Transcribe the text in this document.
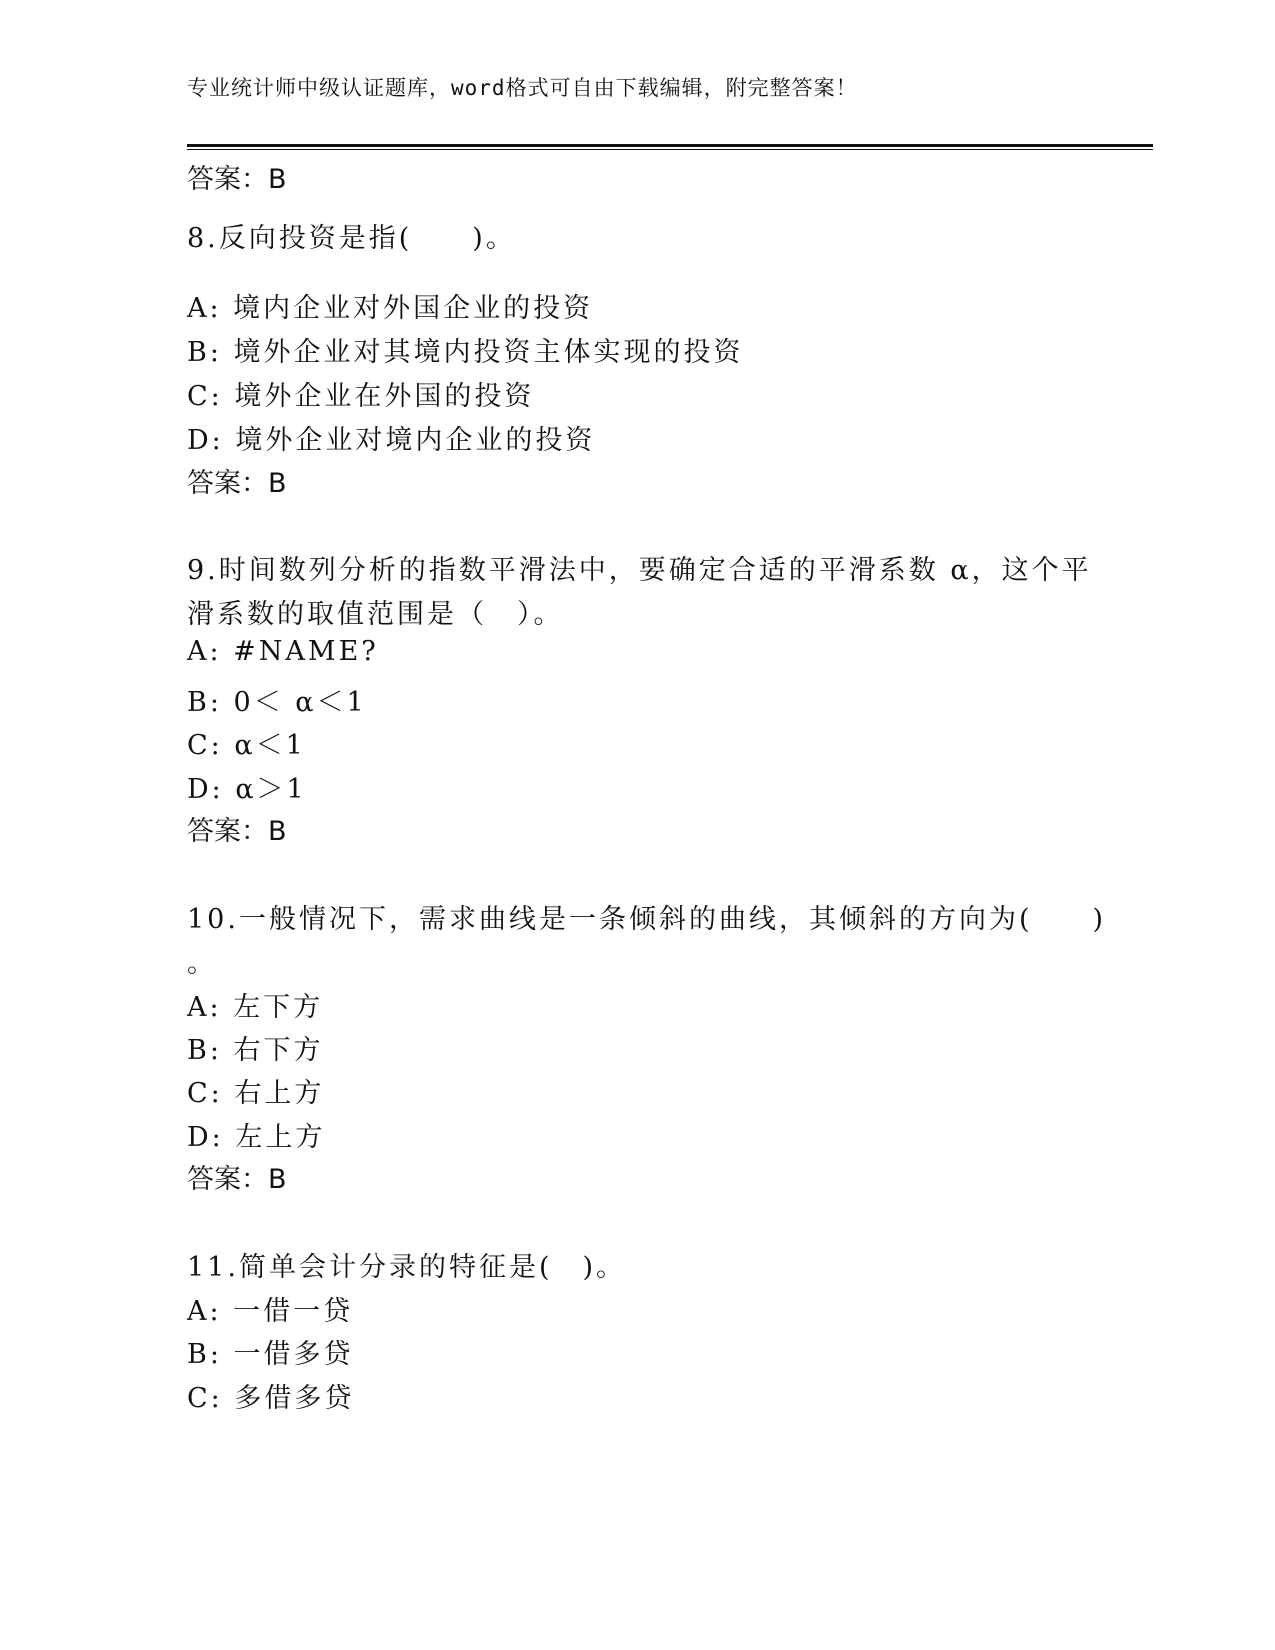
专业统计师中级认证题库，word格式可自由下载编辑，附完整答案！
答案：B
8.反向投资是指(　　)。
A: 境内企业对外国企业的投资
B: 境外企业对其境内投资主体实现的投资
C: 境外企业在外国的投资
D: 境外企业对境内企业的投资
答案：B
9.时间数列分析的指数平滑法中，要确定合适的平滑系数 α，这个平
滑系数的取值范围是（　）。
A: #NAME?
B: 0＜ α＜1
C: α＜1
D: α＞1
答案：B
10.一般情况下，需求曲线是一条倾斜的曲线，其倾斜的方向为(　　)
。
A: 左下方
B: 右下方
C: 右上方
D: 左上方
答案：B
11.简单会计分录的特征是(　)。
A: 一借一贷
B: 一借多贷
C: 多借多贷
